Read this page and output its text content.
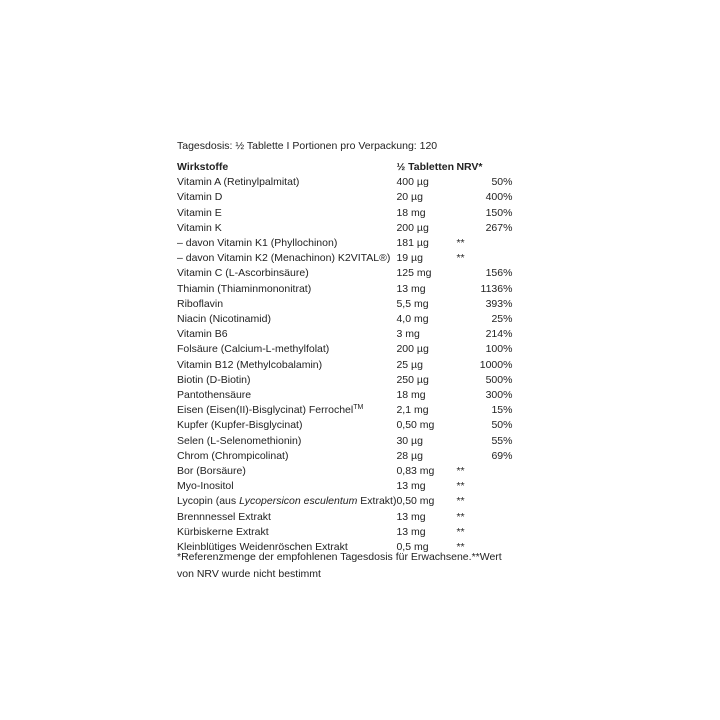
Tagesdosis: ½ Tablette I Portionen pro Verpackung: 120
Wirkstoffe	½ Tabletten	NRV*
Vitamin A (Retinylpalmitat)	400 µg	50%
Vitamin D	20 µg	400%
Vitamin E	18 mg	150%
Vitamin K	200 µg	267%
– davon Vitamin K1 (Phyllochinon)	181 µg	**
– davon Vitamin K2 (Menachinon) K2VITAL®)	19 µg	**
Vitamin C (L-Ascorbinsäure)	125 mg	156%
Thiamin (Thiaminmononitrat)	13 mg	1136%
Riboflavin	5,5 mg	393%
Niacin (Nicotinamid)	4,0 mg	25%
Vitamin B6	3 mg	214%
Folsäure (Calcium-L-methylfolat)	200 µg	100%
Vitamin B12 (Methylcobalamin)	25 µg	1000%
Biotin (D-Biotin)	250 µg	500%
Pantothensäure	18 mg	300%
Eisen (Eisen(II)-Bisglycinat) Ferrochel™	2,1 mg	15%
Kupfer (Kupfer-Bisglycinat)	0,50 mg	50%
Selen (L-Selenomethionin)	30 µg	55%
Chrom (Chrompicolinat)	28 µg	69%
Bor (Borsäure)	0,83 mg	**
Myo-Inositol	13 mg	**
Lycopin (aus Lycopersicon esculentum Extrakt)	0,50 mg	**
Brennnessel Extrakt	13 mg	**
Kürbiskerne Extrakt	13 mg	**
Kleinblütiges Weidenröschen Extrakt	0,5 mg	**
*Referenzmenge der empfohlenen Tagesdosis für Erwachsene.**Wert von NRV wurde nicht bestimmt
